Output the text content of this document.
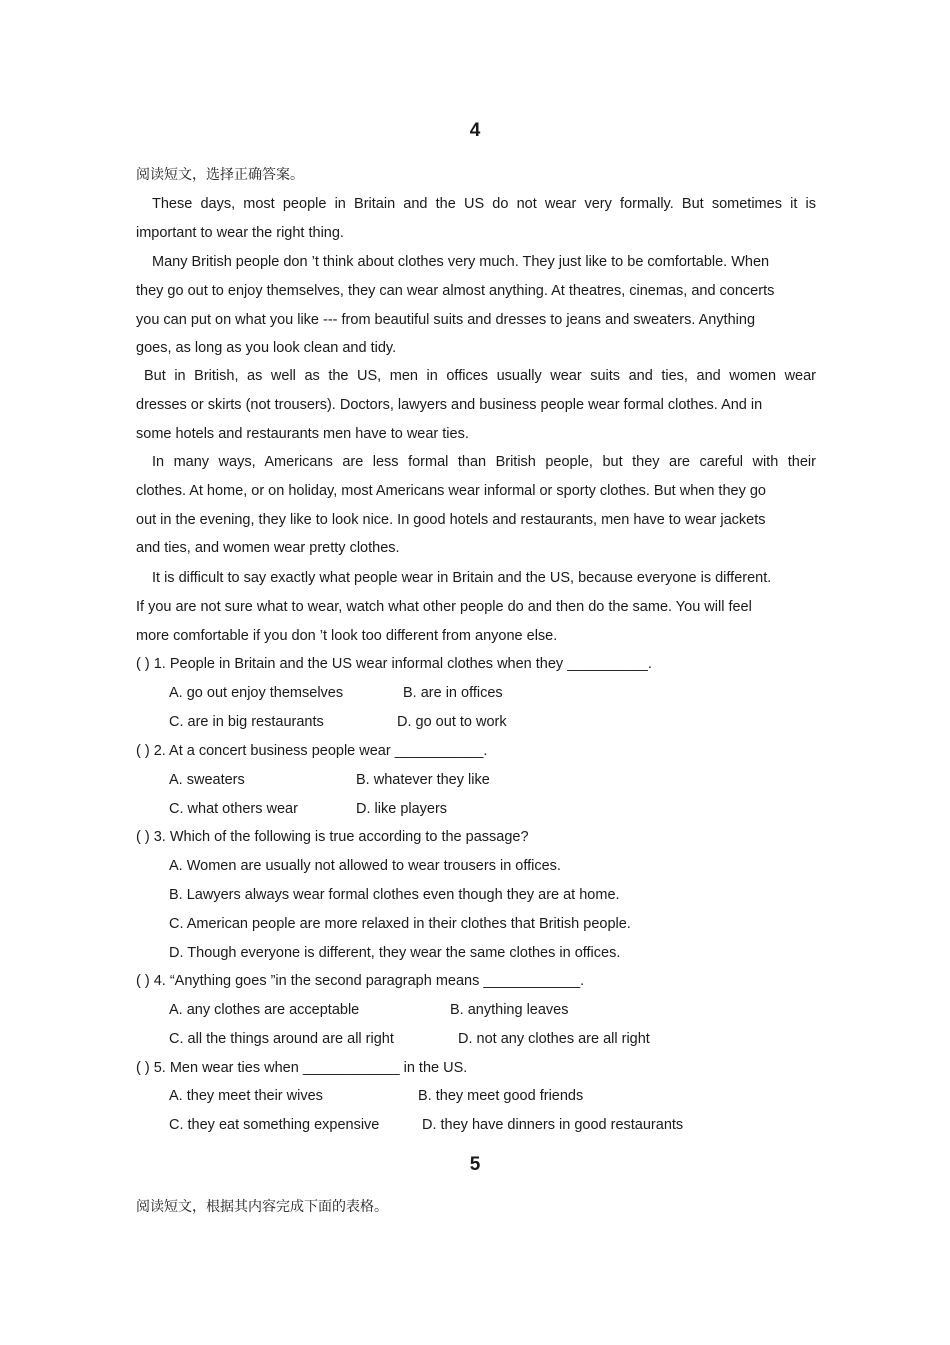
4
阅读短文，选择正确答案。
These days, most people in Britain and the US do not wear very formally. But sometimes it is
important to wear the right thing.
Many British people don ’t think about clothes very much. They just like to be comfortable. When
they go out to enjoy themselves, they can wear almost anything. At theatres, cinemas, and concerts
you can put on what you like --- from beautiful suits and dresses to jeans and sweaters. Anything
goes, as long as you look clean and tidy.
But in British, as well as the US, men in offices usually wear suits and ties, and women wear
dresses or skirts (not trousers). Doctors, lawyers and business people wear formal clothes. And in
some hotels and restaurants men have to wear ties.
In many ways, Americans are less formal than British people, but they are careful with their
clothes. At home, or on holiday, most Americans wear informal or sporty clothes. But when they go
out in the evening, they like to look nice. In good hotels and restaurants, men have to wear jackets
and ties, and women wear pretty clothes.
It is difficult to say exactly what people wear in Britain and the US, because everyone is different.
If you are not sure what to wear, watch what other people do and then do the same. You will feel
more comfortable if you don ’t look too different from anyone else.
( ) 1. People in Britain and the US wear informal clothes when they __________.
A. go out enjoy themselves	B. are in offices
C. are in big restaurants	D. go out to work
( ) 2. At a concert business people wear ___________.
A. sweaters	B. whatever they like
C. what others wear	D. like players
( ) 3. Which of the following is true according to the passage?
A. Women are usually not allowed to wear trousers in offices.
B. Lawyers always wear formal clothes even though they are at home.
C. American people are more relaxed in their clothes that British people.
D. Though everyone is different, they wear the same clothes in offices.
( ) 4. “Anything goes ”in the second paragraph means ____________.
A. any clothes are acceptable	B. anything leaves
C. all the things around are all right	D. not any clothes are all right
( ) 5. Men wear ties when ____________ in the US.
A. they meet their wives	B. they meet good friends
C. they eat something expensive	D. they have dinners in good restaurants
5
阅读短文，根据其内容完成下面的表格。
